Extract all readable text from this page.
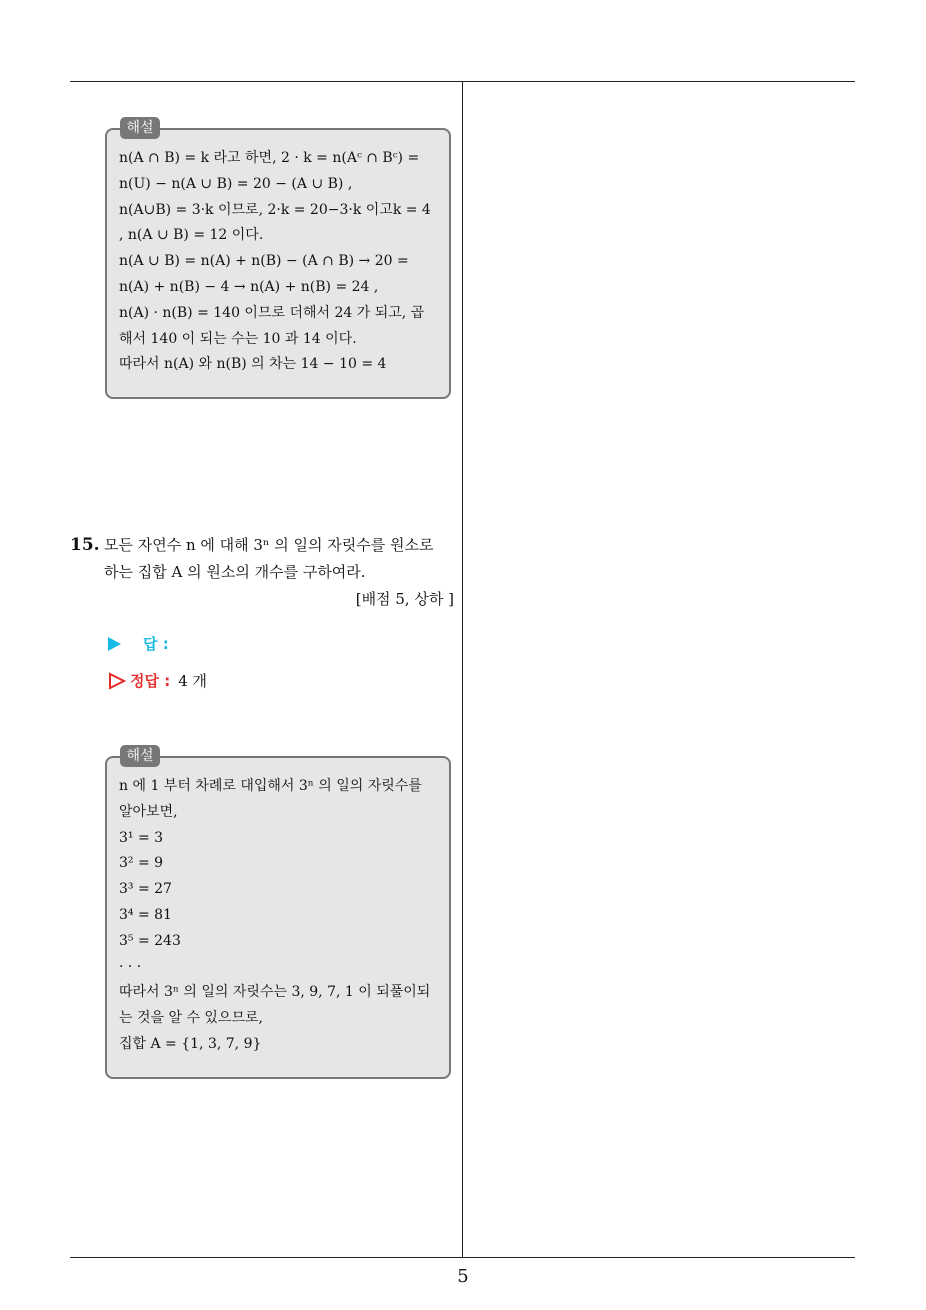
n(A ∩ B) = k 라고 하면, 2 · k = n(Aᶜ ∩ Bᶜ) =
n(U) − n(A ∪ B) = 20 − (A ∪ B) ,
n(A∪B) = 3·k 이므로, 2·k = 20−3·k 이고k = 4
, n(A ∪ B) = 12 이다.
n(A ∪ B) = n(A) + n(B) − (A ∩ B) → 20 =
n(A) + n(B) − 4 → n(A) + n(B) = 24 ,
n(A) · n(B) = 140 이므로 더해서 24 가 되고, 곱
해서 140 이 되는 수는 10 과 14 이다.
따라서 n(A) 와 n(B) 의 차는 14 − 10 = 4
해설
15. 모든 자연수 n 에 대해 3ⁿ 의 일의 자릿수를 원소로
하는 집합 A 의 원소의 개수를 구하여라.
[배점 5, 상하 ]
답 :
정답 : 4 개
n 에 1 부터 차례로 대입해서 3ⁿ 의 일의 자릿수를
알아보면,
3¹ = 3
3² = 9
3³ = 27
3⁴ = 81
3⁵ = 243
· · ·
따라서 3ⁿ 의 일의 자릿수는 3, 9, 7, 1 이 되풀이되
는 것을 알 수 있으므로,
집합 A = {1, 3, 7, 9}
해설
5
